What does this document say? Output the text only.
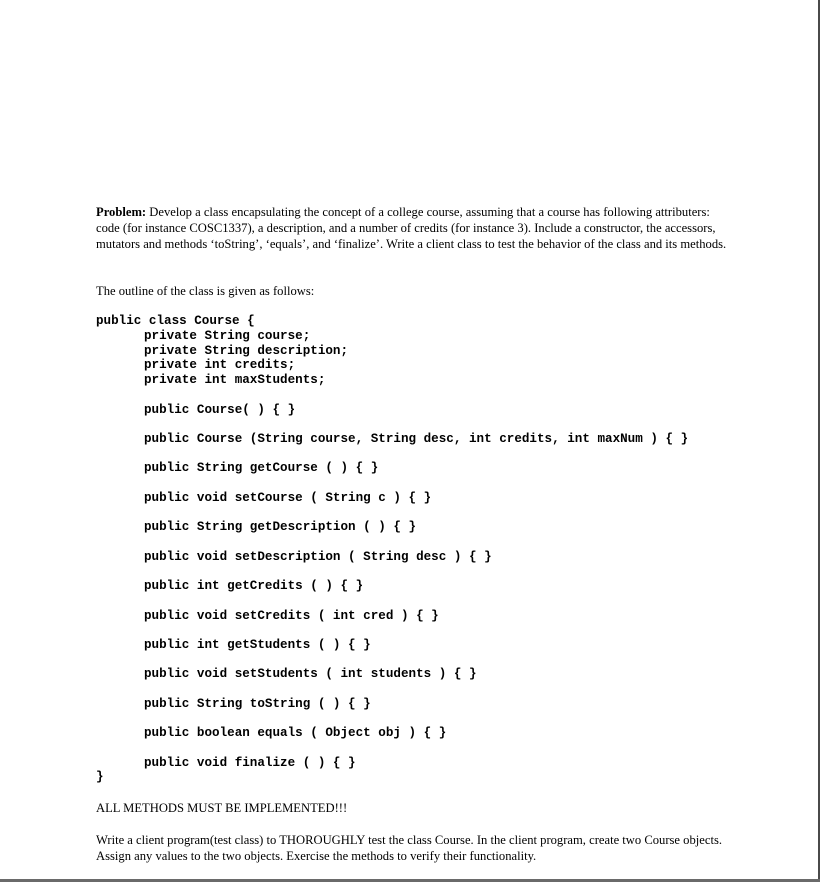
Problem: Develop a class encapsulating the concept of a college course, assuming that a course has following attributers: code (for instance COSC1337), a description, and a number of credits (for instance 3). Include a constructor, the accessors, mutators and methods ‘toString’, ‘equals’, and ‘finalize’. Write a client class to test the behavior of the class and its methods.

The outline of the class is given as follows:

public class Course {
private String course;
private String description;
private int credits;
private int maxStudents;
public Course( ) { }
public Course (String course, String desc, int credits, int maxNum ) { }
public String getCourse ( ) { }
public void setCourse ( String c ) { }
public String getDescription ( ) { }
public void setDescription ( String desc ) { }
public int getCredits ( ) { }
public void setCredits ( int cred ) { }
public int getStudents ( ) { }
public void setStudents ( int students ) { }
public String toString ( ) { }
public boolean equals ( Object obj ) { }
public void finalize ( ) { }
}

ALL METHODS MUST BE IMPLEMENTED!!!

Write a client program(test class) to THOROUGHLY test the class Course. In the client program, create two Course objects. Assign any values to the two objects. Exercise the methods to verify their functionality.
